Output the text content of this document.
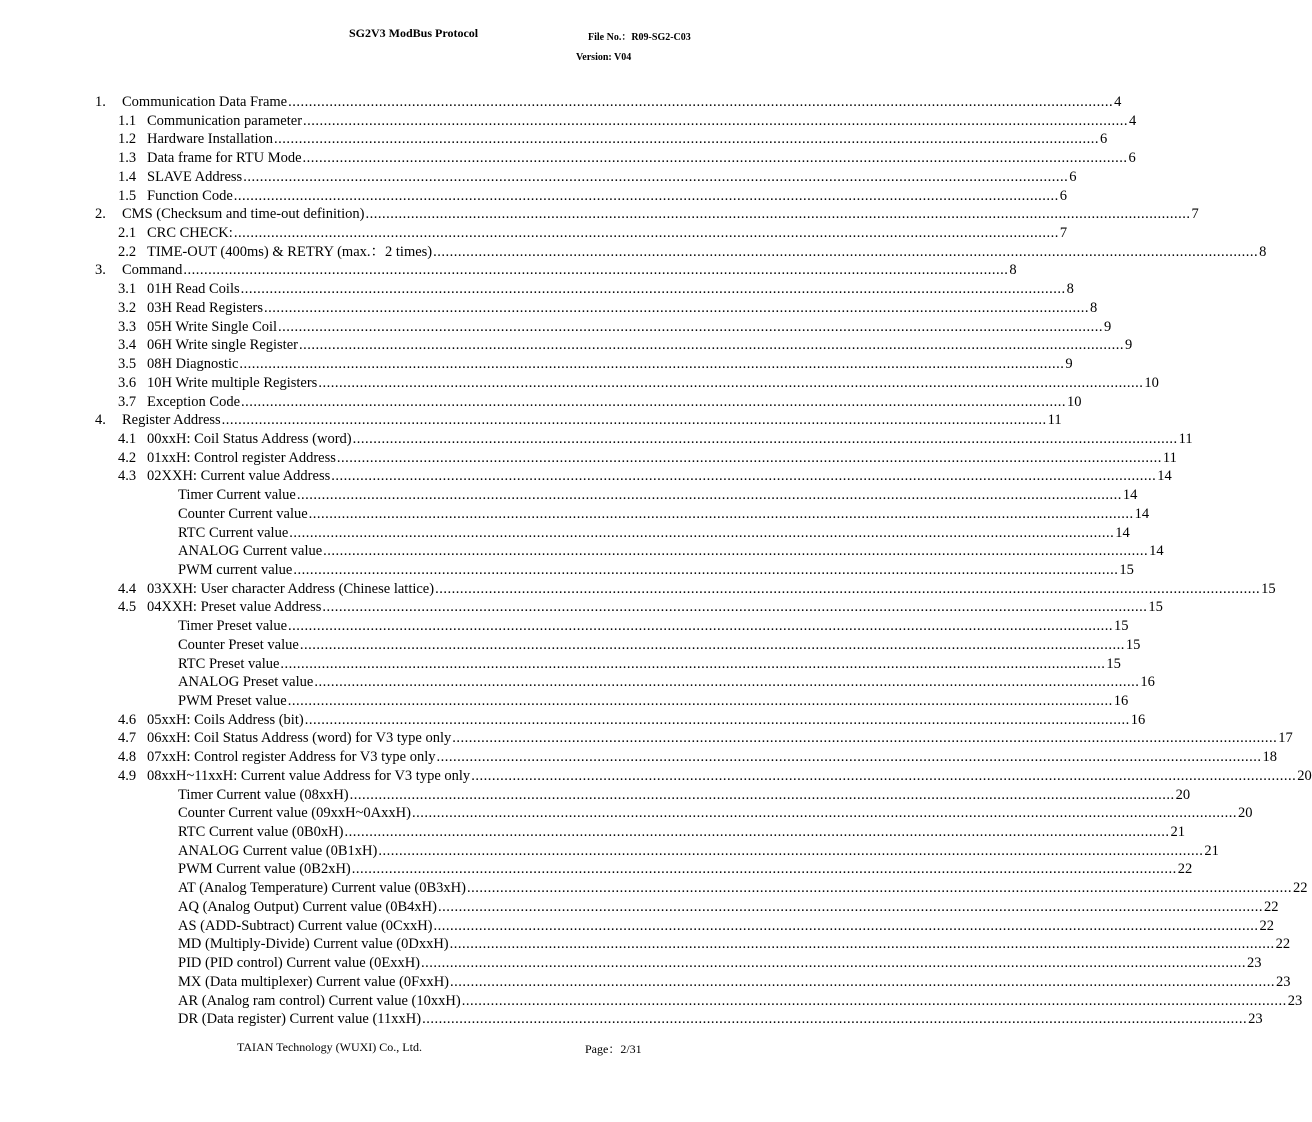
SG2V3 ModBus Protocol	File No.：R09-SG2-C03
Version: V04
1. Communication Data Frame ........................................................................................................................................................................................................ 4
1.1 Communication parameter ........................................................................................................................................................................................................ 4
1.2 Hardware Installation ........................................................................................................................................................................................................ 6
1.3 Data frame for RTU Mode ........................................................................................................................................................................................................ 6
1.4 SLAVE Address ........................................................................................................................................................................................................ 6
1.5 Function Code ........................................................................................................................................................................................................ 6
2. CMS (Checksum and time-out definition) ........................................................................................................................................................................................................ 7
2.1 CRC CHECK: ........................................................................................................................................................................................................ 7
2.2 TIME-OUT (400ms) & RETRY (max.：2 times) ........................................................................................................................................................................................................ 8
3. Command ........................................................................................................................................................................................................ 8
3.1 01H Read Coils ........................................................................................................................................................................................................ 8
3.2 03H Read Registers ........................................................................................................................................................................................................ 8
3.3 05H Write Single Coil ........................................................................................................................................................................................................ 9
3.4 06H Write single Register ........................................................................................................................................................................................................ 9
3.5 08H Diagnostic ........................................................................................................................................................................................................ 9
3.6 10H Write multiple Registers ........................................................................................................................................................................................................ 10
3.7 Exception Code ........................................................................................................................................................................................................ 10
4. Register Address ........................................................................................................................................................................................................ 11
4.1 00xxH: Coil Status Address (word) ........................................................................................................................................................................................................ 11
4.2 01xxH: Control register Address ........................................................................................................................................................................................................ 11
4.3 02XXH: Current value Address ........................................................................................................................................................................................................ 14
Timer Current value ........................................................................................................................................................................................................ 14
Counter Current value ........................................................................................................................................................................................................ 14
RTC Current value ........................................................................................................................................................................................................ 14
ANALOG Current value ........................................................................................................................................................................................................ 14
PWM current value ........................................................................................................................................................................................................ 15
4.4 03XXH: User character Address (Chinese lattice) ........................................................................................................................................................................................................ 15
4.5 04XXH: Preset value Address ........................................................................................................................................................................................................ 15
Timer Preset value ........................................................................................................................................................................................................ 15
Counter Preset value ........................................................................................................................................................................................................ 15
RTC Preset value ........................................................................................................................................................................................................ 15
ANALOG Preset value ........................................................................................................................................................................................................ 16
PWM Preset value ........................................................................................................................................................................................................ 16
4.6 05xxH: Coils Address (bit) ........................................................................................................................................................................................................ 16
4.7 06xxH: Coil Status Address (word) for V3 type only ........................................................................................................................................................................................................ 17
4.8 07xxH: Control register Address for V3 type only ........................................................................................................................................................................................................ 18
4.9 08xxH~11xxH: Current value Address for V3 type only ........................................................................................................................................................................................................ 20
Timer Current value (08xxH) ........................................................................................................................................................................................................ 20
Counter Current value (09xxH~0AxxH) ........................................................................................................................................................................................................ 20
RTC Current value (0B0xH) ........................................................................................................................................................................................................ 21
ANALOG Current value (0B1xH) ........................................................................................................................................................................................................ 21
PWM Current value (0B2xH) ........................................................................................................................................................................................................ 22
AT (Analog Temperature) Current value (0B3xH) ........................................................................................................................................................................................................ 22
AQ (Analog Output) Current value (0B4xH) ........................................................................................................................................................................................................ 22
AS (ADD-Subtract) Current value (0CxxH) ........................................................................................................................................................................................................ 22
MD (Multiply-Divide) Current value (0DxxH) ........................................................................................................................................................................................................ 22
PID (PID control) Current value (0ExxH) ........................................................................................................................................................................................................ 23
MX (Data multiplexer) Current value (0FxxH) ........................................................................................................................................................................................................ 23
AR (Analog ram control) Current value (10xxH) ........................................................................................................................................................................................................ 23
DR (Data register) Current value (11xxH) ........................................................................................................................................................................................................ 23
TAIAN Technology (WUXI) Co., Ltd.	Page：2/31
